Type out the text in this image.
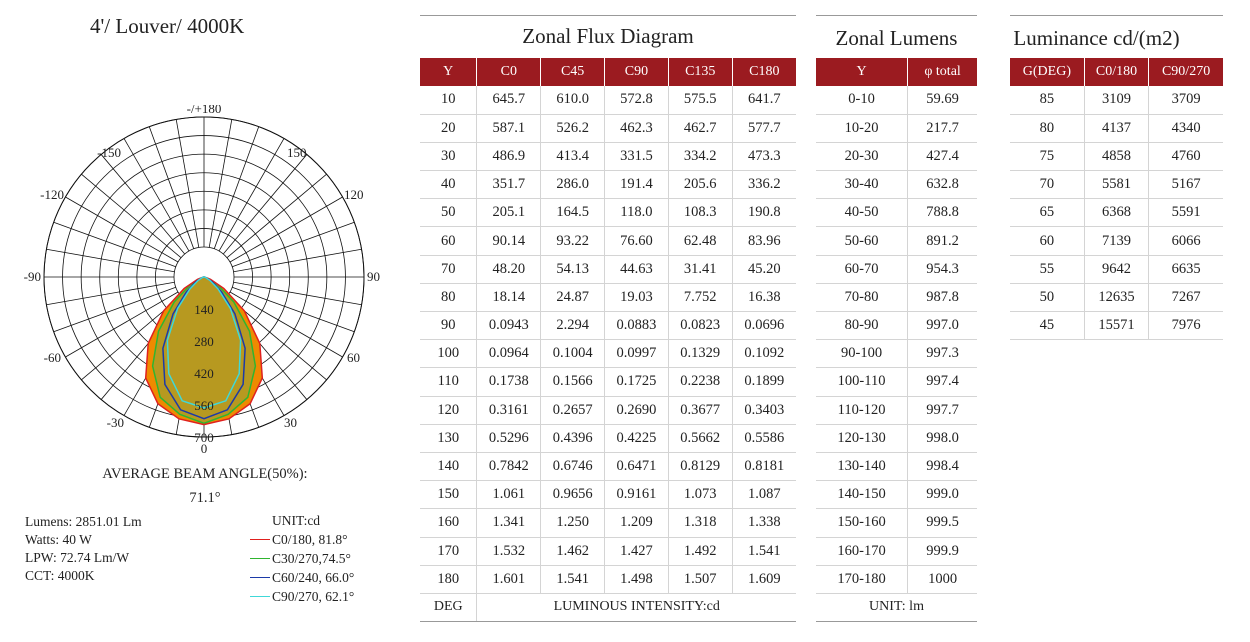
4'/ Louver/ 4000K
140
280
420
560
700
-/+180
-150	150
-120	120
-90	90
-60	60
-30	30
0
AVERAGE BEAM ANGLE(50%):
71.1°
Lumens: 2851.01 Lm
Watts: 40 W
LPW: 72.74 Lm/W
CCT: 4000K
UNIT:cd
C0/180, 81.8°
C30/270,74.5°
C60/240, 66.0°
C90/270, 62.1°
Zonal Flux Diagram
Y	C0	C45	C90	C135	C180
10	645.7	610.0	572.8	575.5	641.7
20	587.1	526.2	462.3	462.7	577.7
30	486.9	413.4	331.5	334.2	473.3
40	351.7	286.0	191.4	205.6	336.2
50	205.1	164.5	118.0	108.3	190.8
60	90.14	93.22	76.60	62.48	83.96
70	48.20	54.13	44.63	31.41	45.20
80	18.14	24.87	19.03	7.752	16.38
90	0.0943	2.294	0.0883	0.0823	0.0696
100	0.0964	0.1004	0.0997	0.1329	0.1092
110	0.1738	0.1566	0.1725	0.2238	0.1899
120	0.3161	0.2657	0.2690	0.3677	0.3403
130	0.5296	0.4396	0.4225	0.5662	0.5586
140	0.7842	0.6746	0.6471	0.8129	0.8181
150	1.061	0.9656	0.9161	1.073	1.087
160	1.341	1.250	1.209	1.318	1.338
170	1.532	1.462	1.427	1.492	1.541
180	1.601	1.541	1.498	1.507	1.609
DEG	LUMINOUS INTENSITY:cd				
Zonal Lumens
Y	φ total
0-10	59.69
10-20	217.7
20-30	427.4
30-40	632.8
40-50	788.8
50-60	891.2
60-70	954.3
70-80	987.8
80-90	997.0
90-100	997.3
100-110	997.4
110-120	997.7
120-130	998.0
130-140	998.4
140-150	999.0
150-160	999.5
160-170	999.9
170-180	1000
UNIT: lm	
Luminance cd/(m2)
G(DEG)	C0/180	C90/270
85	3109	3709
80	4137	4340
75	4858	4760
70	5581	5167
65	6368	5591
60	7139	6066
55	9642	6635
50	12635	7267
45	15571	7976
